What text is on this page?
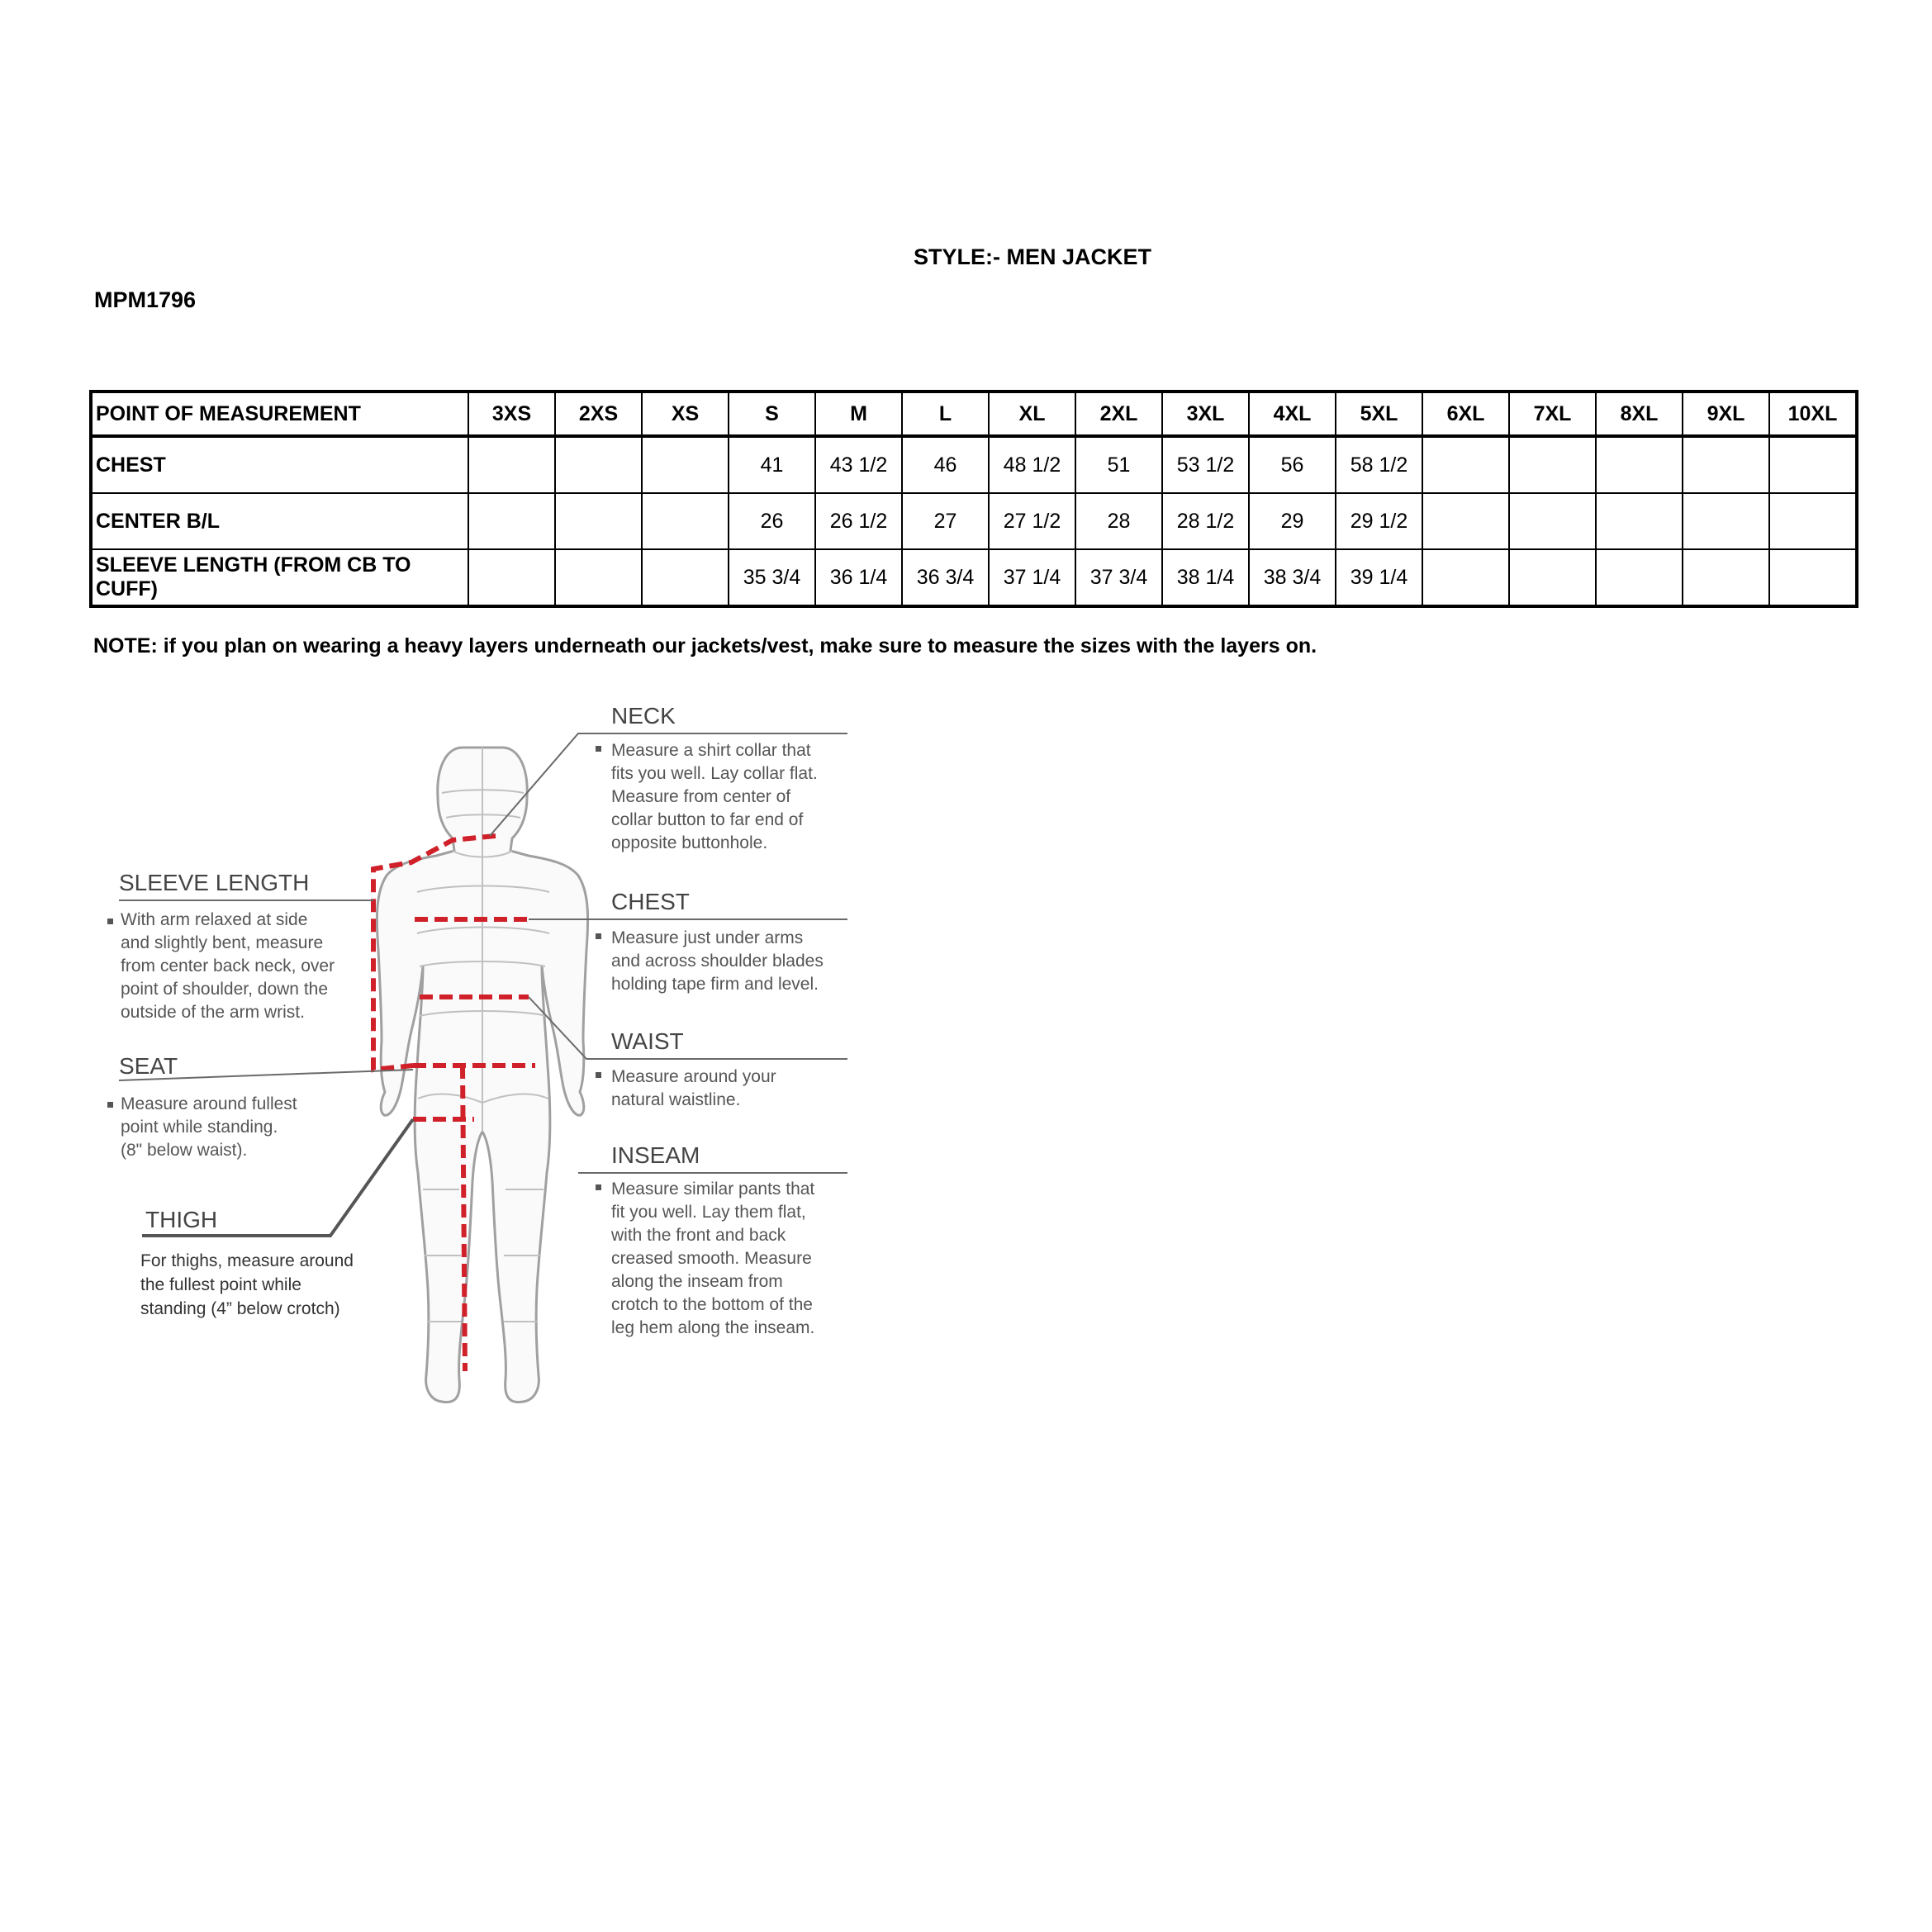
STYLE:- MEN JACKET
MPM1796
POINT OF MEASUREMENT	3XS	2XS	XS	S	M	L	XL	2XL	3XL	4XL	5XL	6XL	7XL	8XL	9XL	10XL
CHEST				41	43 1/2	46	48 1/2	51	53 1/2	56	58 1/2					
CENTER B/L				26	26 1/2	27	27 1/2	28	28 1/2	29	29 1/2					
SLEEVE LENGTH (FROM CB TO CUFF)				35 3/4	36 1/4	36 3/4	37 1/4	37 3/4	38 1/4	38 3/4	39 1/4					
NOTE: if you plan on wearing a heavy layers underneath our jackets/vest, make sure to measure the sizes with the layers on.
NECK
Measure a shirt collar that
fits you well. Lay collar flat.
Measure from center of
collar button to far end of
opposite buttonhole.
CHEST
Measure just under arms
and across shoulder blades
holding tape firm and level.
WAIST
Measure around your
natural waistline.
INSEAM
Measure similar pants that
fit you well. Lay them flat,
with the front and back
creased smooth. Measure
along the inseam from
crotch to the bottom of the
leg hem along the inseam.
SLEEVE LENGTH
With arm relaxed at side
and slightly bent, measure
from center back neck, over
point of shoulder, down the
outside of the arm wrist.
SEAT
Measure around fullest
point while standing.
(8" below waist).
THIGH
For thighs, measure around
the fullest point while
standing (4” below crotch)
